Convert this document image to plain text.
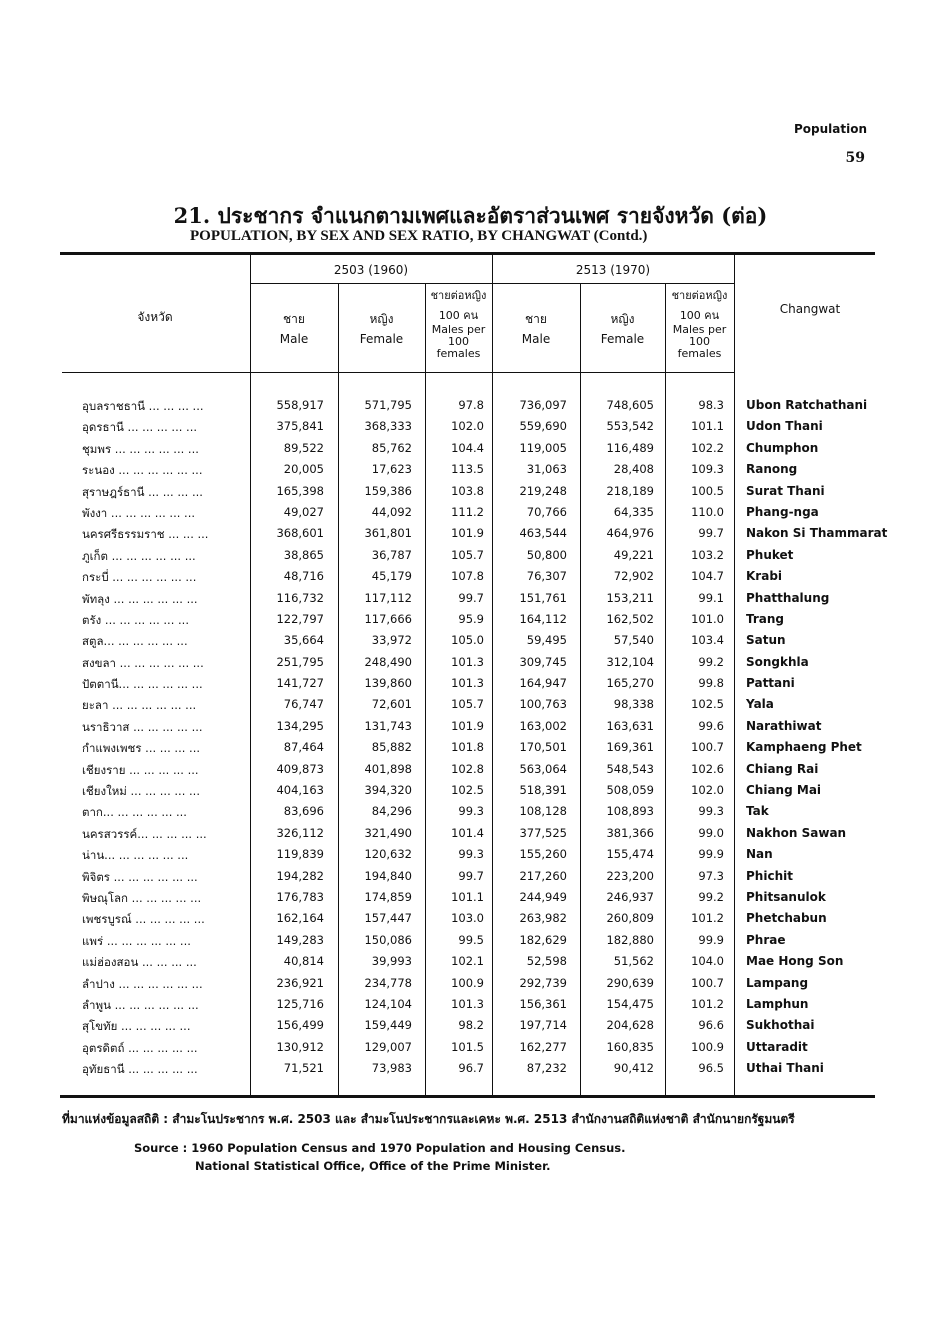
Population
59
21. ประชากร จำแนกตามเพศและอัตราส่วนเพศ รายจังหวัด (ต่อ)
POPULATION, BY SEX AND SEX RATIO, BY CHANGWAT (Contd.)
2503 (1960)	2513 (1970)
จังหวัด
Changwat
ชาย
Male
หญิง
Female
ชายต่อหญิง
100 คน
Males per
100
females
ชาย
Male
หญิง
Female
ชายต่อหญิง
100 คน
Males per
100
females
อุบลราชธานี ... ... ... ...	558,917	571,795	97.8	736,097	748,605	98.3 Ubon Ratchathani
อุดรธานี ... ... ... ... ...	375,841	368,333	102.0	559,690	553,542	101.1 Udon Thani
ชุมพร ... ... ... ... ... ...	89,522	85,762	104.4	119,005	116,489	102.2 Chumphon
ระนอง ... ... ... ... ... ...	20,005	17,623	113.5	31,063	28,408	109.3 Ranong
สุราษฎร์ธานี ... ... ... ...	165,398	159,386	103.8	219,248	218,189	100.5 Surat Thani
พังงา ... ... ... ... ... ...	49,027	44,092	111.2	70,766	64,335	110.0 Phang-nga
นครศรีธรรมราช ... ... ...	368,601	361,801	101.9	463,544	464,976	99.7 Nakon Si Thammarat
ภูเก็ต ... ... ... ... ... ...	38,865	36,787	105.7	50,800	49,221	103.2 Phuket
กระบี่ ... ... ... ... ... ...	48,716	45,179	107.8	76,307	72,902	104.7 Krabi
พัทลุง ... ... ... ... ... ...	116,732	117,112	99.7	151,761	153,211	99.1 Phatthalung
ตรัง ... ... ... ... ... ...	122,797	117,666	95.9	164,112	162,502	101.0 Trang
สตูล... ... ... ... ... ...	35,664	33,972	105.0	59,495	57,540	103.4 Satun
สงขลา ... ... ... ... ... ...	251,795	248,490	101.3	309,745	312,104	99.2 Songkhla
ปัตตานี... ... ... ... ... ...	141,727	139,860	101.3	164,947	165,270	99.8 Pattani
ยะลา ... ... ... ... ... ...	76,747	72,601	105.7	100,763	98,338	102.5 Yala
นราธิวาส ... ... ... ... ...	134,295	131,743	101.9	163,002	163,631	99.6 Narathiwat
กำแพงเพชร ... ... ... ...	87,464	85,882	101.8	170,501	169,361	100.7 Kamphaeng Phet
เชียงราย ... ... ... ... ...	409,873	401,898	102.8	563,064	548,543	102.6 Chiang Rai
เชียงใหม่ ... ... ... ... ...	404,163	394,320	102.5	518,391	508,059	102.0 Chiang Mai
ตาก... ... ... ... ... ...	83,696	84,296	99.3	108,128	108,893	99.3 Tak
นครสวรรค์... ... ... ... ...	326,112	321,490	101.4	377,525	381,366	99.0 Nakhon Sawan
น่าน... ... ... ... ... ...	119,839	120,632	99.3	155,260	155,474	99.9 Nan
พิจิตร ... ... ... ... ... ...	194,282	194,840	99.7	217,260	223,200	97.3 Phichit
พิษณุโลก ... ... ... ... ...	176,783	174,859	101.1	244,949	246,937	99.2 Phitsanulok
เพชรบูรณ์ ... ... ... ... ...	162,164	157,447	103.0	263,982	260,809	101.2 Phetchabun
แพร่ ... ... ... ... ... ...	149,283	150,086	99.5	182,629	182,880	99.9 Phrae
แม่ฮ่องสอน ... ... ... ...	40,814	39,993	102.1	52,598	51,562	104.0 Mae Hong Son
ลำปาง ... ... ... ... ... ...	236,921	234,778	100.9	292,739	290,639	100.7 Lampang
ลำพูน ... ... ... ... ... ...	125,716	124,104	101.3	156,361	154,475	101.2 Lamphun
สุโขทัย ... ... ... ... ...	156,499	159,449	98.2	197,714	204,628	96.6 Sukhothai
อุตรดิตถ์ ... ... ... ... ...	130,912	129,007	101.5	162,277	160,835	100.9 Uttaradit
อุทัยธานี ... ... ... ... ...	71,521	73,983	96.7	87,232	90,412	96.5 Uthai Thani
ที่มาแห่งข้อมูลสถิติ : สำมะโนประชากร พ.ศ. 2503 และ สำมะโนประชากรและเคหะ พ.ศ. 2513 สำนักงานสถิติแห่งชาติ สำนักนายกรัฐมนตรี
Source : 1960 Population Census and 1970 Population and Housing Census.
National Statistical Office, Office of the Prime Minister.
